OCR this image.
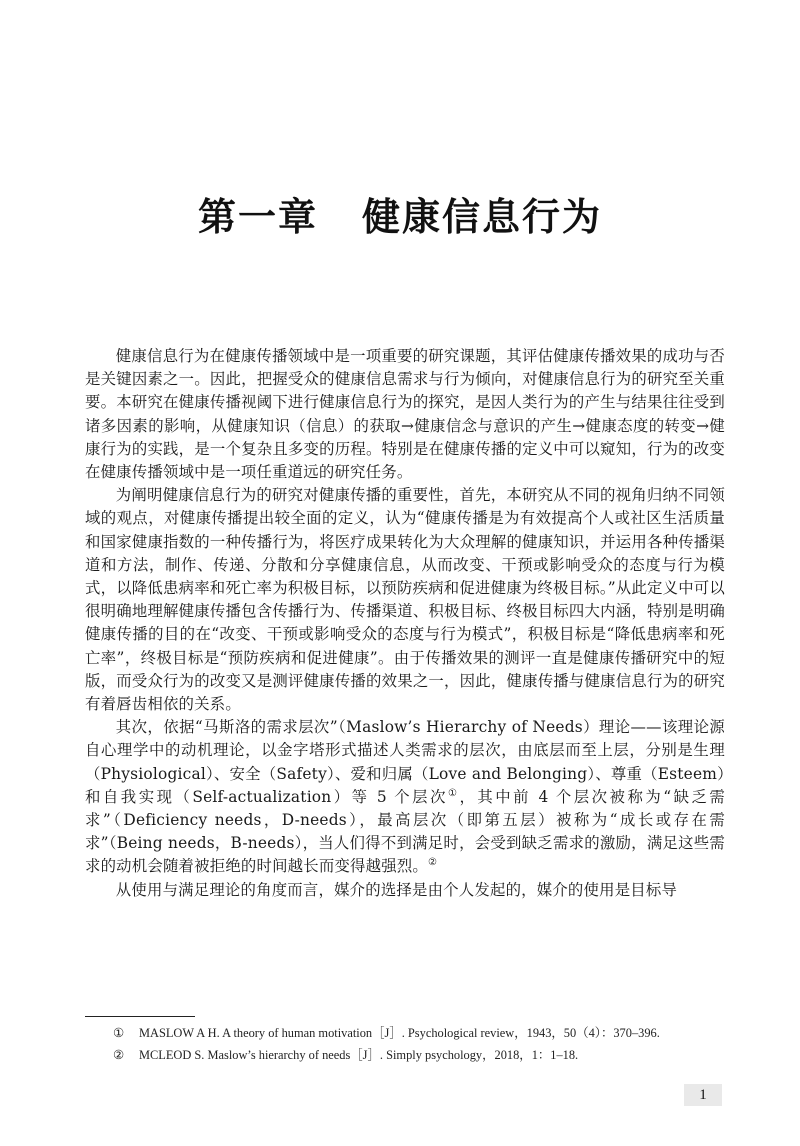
第一章 健康信息行为

健康信息行为在健康传播领域中是一项重要的研究课题，其评估健康传播效果的成功与否是关键因素之一。因此，把握受众的健康信息需求与行为倾向，对健康信息行为的研究至关重要。本研究在健康传播视阈下进行健康信息行为的探究，是因人类行为的产生与结果往往受到诸多因素的影响，从健康知识（信息）的获取→健康信念与意识的产生→健康态度的转变→健康行为的实践，是一个复杂且多变的历程。特别是在健康传播的定义中可以窥知，行为的改变在健康传播领域中是一项任重道远的研究任务。

为阐明健康信息行为的研究对健康传播的重要性，首先，本研究从不同的视角归纳不同领域的观点，对健康传播提出较全面的定义，认为“健康传播是为有效提高个人或社区生活质量和国家健康指数的一种传播行为，将医疗成果转化为大众理解的健康知识，并运用各种传播渠道和方法，制作、传递、分散和分享健康信息，从而改变、干预或影响受众的态度与行为模式，以降低患病率和死亡率为积极目标，以预防疾病和促进健康为终极目标。”从此定义中可以很明确地理解健康传播包含传播行为、传播渠道、积极目标、终极目标四大内涵，特别是明确健康传播的目的在“改变、干预或影响受众的态度与行为模式”，积极目标是“降低患病率和死亡率”，终极目标是“预防疾病和促进健康”。由于传播效果的测评一直是健康传播研究中的短版，而受众行为的改变又是测评健康传播的效果之一，因此，健康传播与健康信息行为的研究有着唇齿相依的关系。

其次，依据“马斯洛的需求层次”（Maslow’s Hierarchy of Needs）理论——该理论源自心理学中的动机理论，以金字塔形式描述人类需求的层次，由底层而至上层，分别是生理（Physiological）、安全（Safety）、爱和归属（Love and Belonging）、尊重（Esteem）和自我实现（Self-actualization）等 5 个层次①，其中前 4 个层次被称为“缺乏需求”（Deficiency needs，D-needs），最高层次（即第五层）被称为“成长或存在需求”（Being needs，B-needs），当人们得不到满足时，会受到缺乏需求的激励，满足这些需求的动机会随着被拒绝的时间越长而变得越强烈。②

从使用与满足理论的角度而言，媒介的选择是由个人发起的，媒介的使用是目标导

① MASLOW A H. A theory of human motivation［J］. Psychological review，1943，50（4）：370–396.
② MCLEOD S. Maslow’s hierarchy of needs［J］. Simply psychology，2018，1：1–18.
1
